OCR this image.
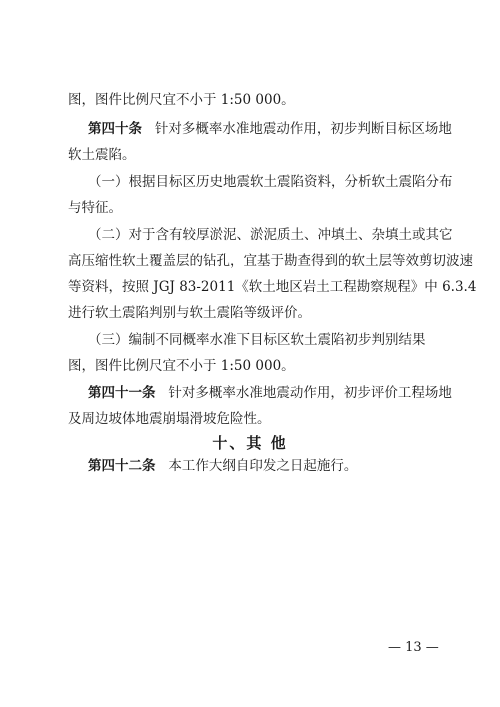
图，图件比例尺宜不小于 1:50 000。
第四十条 针对多概率水准地震动作用，初步判断目标区场地
软土震陷。
（一）根据目标区历史地震软土震陷资料，分析软土震陷分布
与特征。
（二）对于含有较厚淤泥、淤泥质土、冲填土、杂填土或其它
高压缩性软土覆盖层的钻孔，宜基于勘查得到的软土层等效剪切波速
等资料，按照 JGJ 83-2011《软土地区岩土工程勘察规程》中 6.3.4
进行软土震陷判别与软土震陷等级评价。
（三）编制不同概率水准下目标区软土震陷初步判别结果
图，图件比例尺宜不小于 1:50 000。
第四十一条 针对多概率水准地震动作用，初步评价工程场地
及周边坡体地震崩塌滑坡危险性。
十、其 他
第四十二条 本工作大纲自印发之日起施行。
— 13 —
